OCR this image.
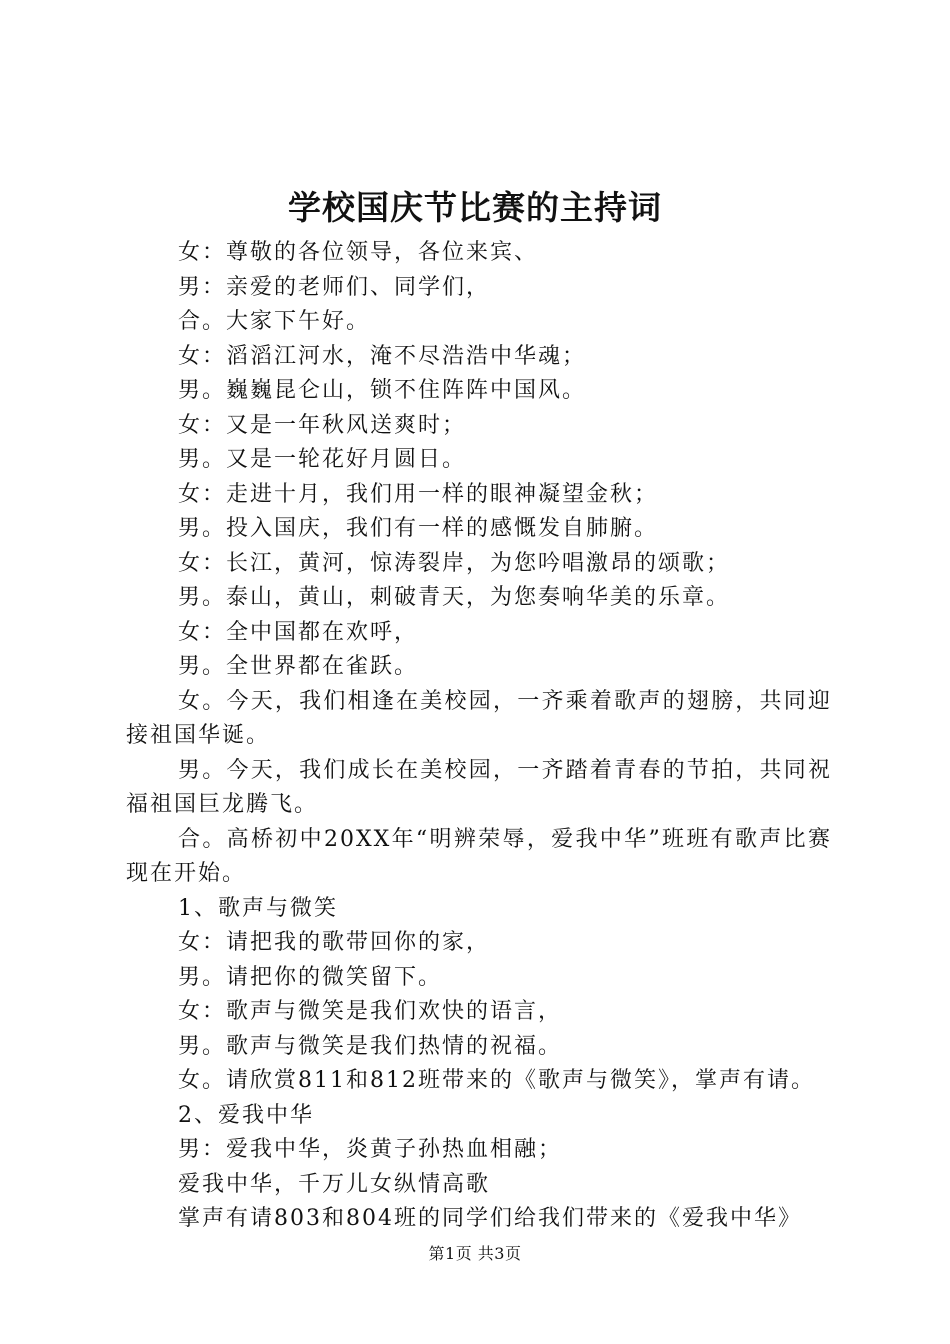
学校国庆节比赛的主持词

女：尊敬的各位领导，各位来宾、

男：亲爱的老师们、同学们，

合。大家下午好。

女：滔滔江河水，淹不尽浩浩中华魂；

男。巍巍昆仑山，锁不住阵阵中国风。

女：又是一年秋风送爽时；

男。又是一轮花好月圆日。

女：走进十月，我们用一样的眼神凝望金秋；

男。投入国庆，我们有一样的感慨发自肺腑。

女：长江，黄河，惊涛裂岸，为您吟唱激昂的颂歌；

男。泰山，黄山，刺破青天，为您奏响华美的乐章。

女：全中国都在欢呼，

男。全世界都在雀跃。

女。今天，我们相逢在美校园，一齐乘着歌声的翅膀，共同迎接祖国华诞。

男。今天，我们成长在美校园，一齐踏着青春的节拍，共同祝福祖国巨龙腾飞。

合。高桥初中20XX年“明辨荣辱，爱我中华”班班有歌声比赛现在开始。

1、歌声与微笑

女：请把我的歌带回你的家，

男。请把你的微笑留下。

女：歌声与微笑是我们欢快的语言，

男。歌声与微笑是我们热情的祝福。

女。请欣赏811和812班带来的《歌声与微笑》，掌声有请。

2、爱我中华

男：爱我中华，炎黄子孙热血相融；

爱我中华，千万儿女纵情高歌

掌声有请803和804班的同学们给我们带来的《爱我中华》

第1页 共3页
